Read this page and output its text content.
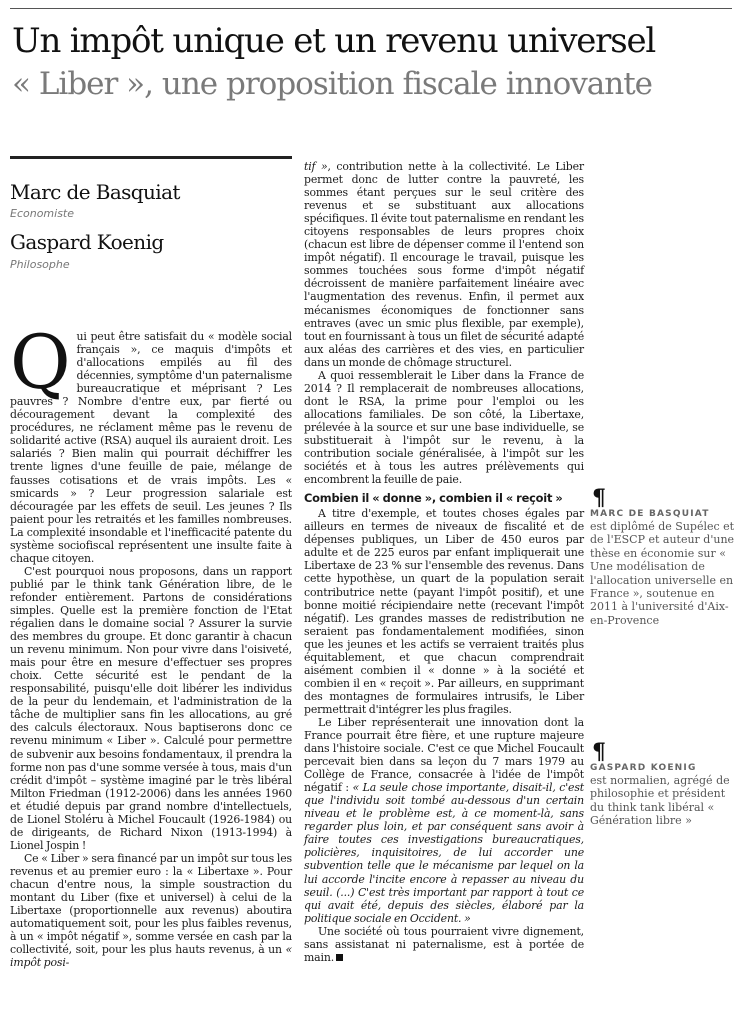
Un impôt unique et un revenu universel
« Liber », une proposition fiscale innovante
Marc de Basquiat
Economiste
Gaspard Koenig
Philosophe

Qui peut être satisfait du « modèle social français », ce maquis d'impôts et d'allocations empilés au fil des décennies, symptôme d'un paternalisme bureaucratique et méprisant ? Les pauvres ? Nombre d'entre eux, par fierté ou découragement devant la complexité des procédures, ne réclament même pas le revenu de solidarité active (RSA) auquel ils auraient droit. Les salariés ? Bien malin qui pourrait déchiffrer les trente lignes d'une feuille de paie, mélange de fausses cotisations et de vrais impôts. Les « smicards » ? Leur progression salariale est découragée par les effets de seuil. Les jeunes ? Ils paient pour les retraités et les familles nombreuses. La complexité insondable et l'inefficacité patente du système sociofiscal représentent une insulte faite à chaque citoyen.

C'est pourquoi nous proposons, dans un rapport publié par le think tank Génération libre, de le refonder entièrement. Partons de considérations simples. Quelle est la première fonction de l'Etat régalien dans le domaine social ? Assurer la survie des membres du groupe. Et donc garantir à chacun un revenu minimum. Non pour vivre dans l'oisiveté, mais pour être en mesure d'effectuer ses propres choix. Cette sécurité est le pendant de la responsabilité, puisqu'elle doit libérer les individus de la peur du lendemain, et l'administration de la tâche de multiplier sans fin les allocations, au gré des calculs électoraux. Nous baptiserons donc ce revenu minimum « Liber ». Calculé pour permettre de subvenir aux besoins fondamentaux, il prendra la forme non pas d'une somme versée à tous, mais d'un crédit d'impôt – système imaginé par le très libéral Milton Friedman (1912-2006) dans les années 1960 et étudié depuis par grand nombre d'intellectuels, de Lionel Stoléru à Michel Foucault (1926-1984) ou de dirigeants, de Richard Nixon (1913-1994) à Lionel Jospin !

Ce « Liber » sera financé par un impôt sur tous les revenus et au premier euro : la « Libertaxe ». Pour chacun d'entre nous, la simple soustraction du montant du Liber (fixe et universel) à celui de la Libertaxe (proportionnelle aux revenus) aboutira automatiquement soit, pour les plus faibles revenus, à un « impôt négatif », somme versée en cash par la collectivité, soit, pour les plus hauts revenus, à un « impôt posi-

tif », contribution nette à la collectivité. Le Liber permet donc de lutter contre la pauvreté, les sommes étant perçues sur le seul critère des revenus et se substituant aux allocations spécifiques. Il évite tout paternalisme en rendant les citoyens responsables de leurs propres choix (chacun est libre de dépenser comme il l'entend son impôt négatif). Il encourage le travail, puisque les sommes touchées sous forme d'impôt négatif décroissent de manière parfaitement linéaire avec l'augmentation des revenus. Enfin, il permet aux mécanismes économiques de fonctionner sans entraves (avec un smic plus flexible, par exemple), tout en fournissant à tous un filet de sécurité adapté aux aléas des carrières et des vies, en particulier dans un monde de chômage structurel.

A quoi ressemblerait le Liber dans la France de 2014 ? Il remplacerait de nombreuses allocations, dont le RSA, la prime pour l'emploi ou les allocations familiales. De son côté, la Libertaxe, prélevée à la source et sur une base individuelle, se substituerait à l'impôt sur le revenu, à la contribution sociale généralisée, à l'impôt sur les sociétés et à tous les autres prélèvements qui encombrent la feuille de paie.

Combien il « donne », combien il « reçoit »

A titre d'exemple, et toutes choses égales par ailleurs en termes de niveaux de fiscalité et de dépenses publiques, un Liber de 450 euros par adulte et de 225 euros par enfant impliquerait une Libertaxe de 23 % sur l'ensemble des revenus. Dans cette hypothèse, un quart de la population serait contributrice nette (payant l'impôt positif), et une bonne moitié récipiendaire nette (recevant l'impôt négatif). Les grandes masses de redistribution ne seraient pas fondamentalement modifiées, sinon que les jeunes et les actifs se verraient traités plus équitablement, et que chacun comprendrait aisément combien il « donne » à la société et combien il en « reçoit ». Par ailleurs, en supprimant des montagnes de formulaires intrusifs, le Liber permettrait d'intégrer les plus fragiles.

Le Liber représenterait une innovation dont la France pourrait être fière, et une rupture majeure dans l'histoire sociale. C'est ce que Michel Foucault percevait bien dans sa leçon du 7 mars 1979 au Collège de France, consacrée à l'idée de l'impôt négatif : « La seule chose importante, disait-il, c'est que l'individu soit tombé au-dessous d'un certain niveau et le problème est, à ce moment-là, sans regarder plus loin, et par conséquent sans avoir à faire toutes ces investigations bureaucratiques, policières, inquisitoires, de lui accorder une subvention telle que le mécanisme par lequel on la lui accorde l'incite encore à repasser au niveau du seuil. (...) C'est très important par rapport à tout ce qui avait été, depuis des siècles, élaboré par la politique sociale en Occident. »

Une société où tous pourraient vivre dignement, sans assistanat ni paternalisme, est à portée de main.

¶
MARC DE BASQUIAT
est diplômé de Supélec et de l'ESCP et auteur d'une thèse en économie sur « Une modélisation de l'allocation universelle en France », soutenue en 2011 à l'université d'Aix-en-Provence
¶
GASPARD KOENIG
est normalien, agrégé de philosophie et président du think tank libéral « Génération libre »
